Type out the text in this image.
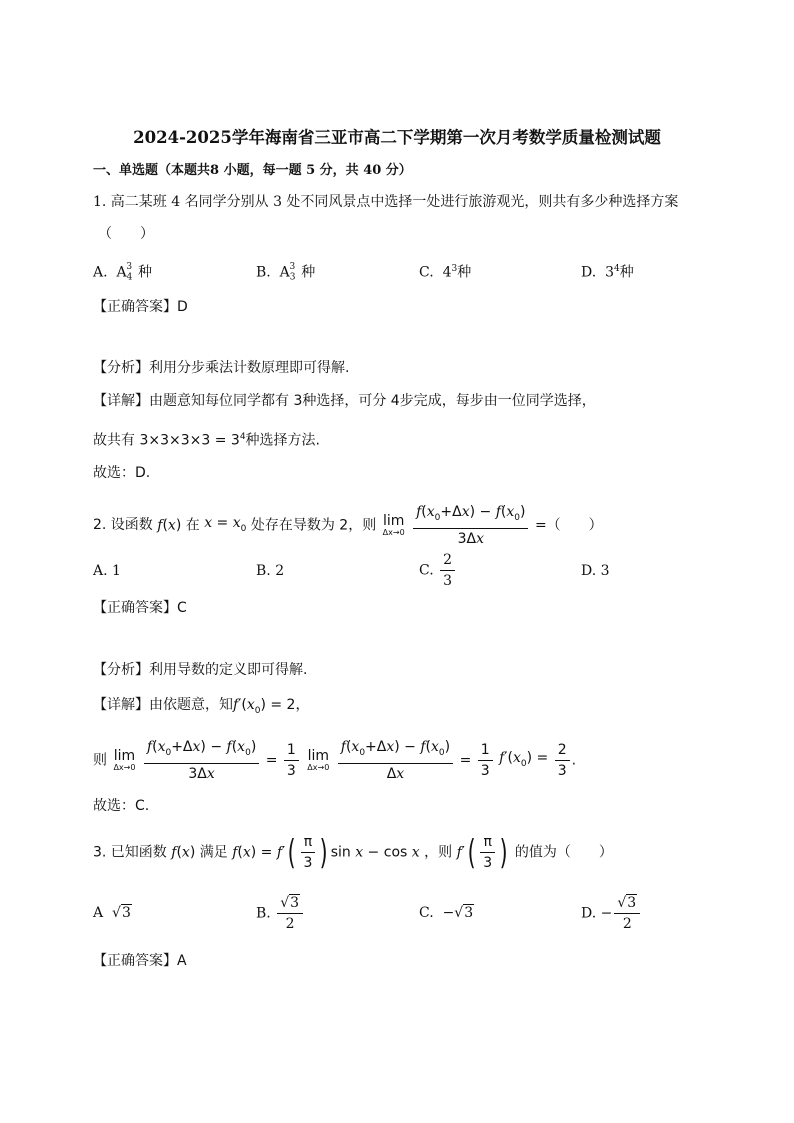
2024-2025学年海南省三亚市高二下学期第一次月考数学质量检测试题
一、单选题（本题共8 小题，每一题 5 分，共 40 分）
1. 高二某班 4 名同学分别从 3 处不同风景点中选择一处进行旅游观光，则共有多少种选择方案
（　　）
A.  $A_4^3$ 种	B.  $A_3^3$ 种	C.  $4^3$种	D.  $3^4$种
【正确答案】D
【分析】利用分步乘法计数原理即可得解.
【详解】由题意知每位同学都有 3种选择，可分 4步完成，每步由一位同学选择，
故共有 $3\times 3\times 3\times 3 = 3^4$种选择方法.
故选：D.
2. 设函数 f(x) 在 $x = x_0$ 处存在导数为 2，则 lim
Δx→0
$\frac{f(x_0+\Delta x) - f(x_0)}{3\Delta x}$ =（　　）
A. 1	B. 2	C. $\frac{2}{3}$	D. 3
【正确答案】C
【分析】利用导数的定义即可得解.
【详解】由依题意，知$f'(x_0) = 2$，
则 lim
Δx→0
$\frac{f(x_0+\Delta x) - f(x_0)}{3\Delta x} = \frac{1}{3}$
lim
Δx→0
$\frac{f(x_0+\Delta x) - f(x_0)}{\Delta x} = \frac{1}{3} f'(x_0) = \frac{2}{3}$ .
故选：C.
3. 已知函数 f(x) 满足 $f(x) = f'( \frac{\pi}{3}$ ) sin x − cos x ，则 $f'( \frac{\pi}{3}$ ) 的值为（　　）
A  √3	B. $\frac{√3}{2}$	C.  −√3	D. − $\frac{√3}{2}$
【正确答案】A
